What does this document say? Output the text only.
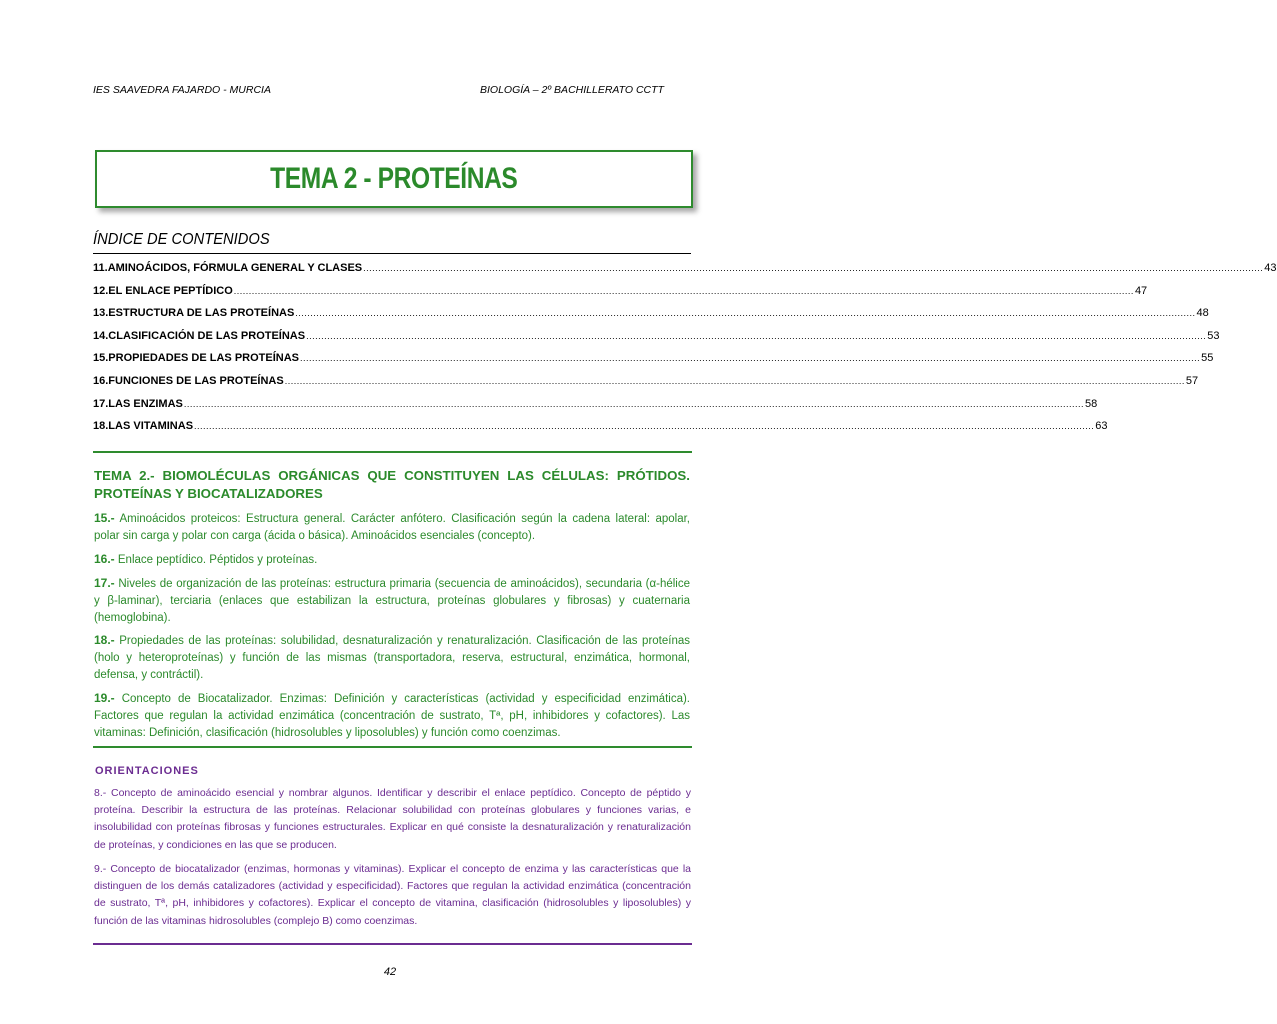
IES SAAVEDRA FAJARDO - MURCIA	BIOLOGÍA – 2º BACHILLERATO CCTT
TEMA 2 - PROTEÍNAS
ÍNDICE DE CONTENIDOS
11. AMINOÁCIDOS, FÓRMULA GENERAL Y CLASES ............................................................................................................................................................................................................................................................................................................ 43
12. EL ENLACE PEPTÍDICO ............................................................................................................................................................................................................................................................................................................ 47
13. ESTRUCTURA DE LAS PROTEÍNAS ............................................................................................................................................................................................................................................................................................................ 48
14. CLASIFICACIÓN DE LAS PROTEÍNAS ............................................................................................................................................................................................................................................................................................................ 53
15. PROPIEDADES DE LAS PROTEÍNAS ............................................................................................................................................................................................................................................................................................................ 55
16. FUNCIONES DE LAS PROTEÍNAS ............................................................................................................................................................................................................................................................................................................ 57
17. LAS ENZIMAS ............................................................................................................................................................................................................................................................................................................ 58
18. LAS VITAMINAS ............................................................................................................................................................................................................................................................................................................ 63
TEMA 2.- BIOMOLÉCULAS ORGÁNICAS QUE CONSTITUYEN LAS CÉLULAS: PRÓTIDOS. PROTEÍNAS Y BIOCATALIZADORES
15.- Aminoácidos proteicos: Estructura general. Carácter anfótero. Clasificación según la cadena lateral: apolar, polar sin carga y polar con carga (ácida o básica). Aminoácidos esenciales (concepto).
16.- Enlace peptídico. Péptidos y proteínas.
17.- Niveles de organización de las proteínas: estructura primaria (secuencia de aminoácidos), secundaria (α-hélice y β-laminar), terciaria (enlaces que estabilizan la estructura, proteínas globulares y fibrosas) y cuaternaria (hemoglobina).
18.- Propiedades de las proteínas: solubilidad, desnaturalización y renaturalización. Clasificación de las proteínas (holo y heteroproteínas) y función de las mismas (transportadora, reserva, estructural, enzimática, hormonal, defensa, y contráctil).
19.- Concepto de Biocatalizador. Enzimas: Definición y características (actividad y especificidad enzimática). Factores que regulan la actividad enzimática (concentración de sustrato, Tª, pH, inhibidores y cofactores). Las vitaminas: Definición, clasificación (hidrosolubles y liposolubles) y función como coenzimas.
ORIENTACIONES
8.- Concepto de aminoácido esencial y nombrar algunos. Identificar y describir el enlace peptídico. Concepto de péptido y proteína. Describir la estructura de las proteínas. Relacionar solubilidad con proteínas globulares y funciones varias, e insolubilidad con proteínas fibrosas y funciones estructurales. Explicar en qué consiste la desnaturalización y renaturalización de proteínas, y condiciones en las que se producen.
9.- Concepto de biocatalizador (enzimas, hormonas y vitaminas). Explicar el concepto de enzima y las características que la distinguen de los demás catalizadores (actividad y especificidad). Factores que regulan la actividad enzimática (concentración de sustrato, Tª, pH, inhibidores y cofactores). Explicar el concepto de vitamina, clasificación (hidrosolubles y liposolubles) y función de las vitaminas hidrosolubles (complejo B) como coenzimas.
42
